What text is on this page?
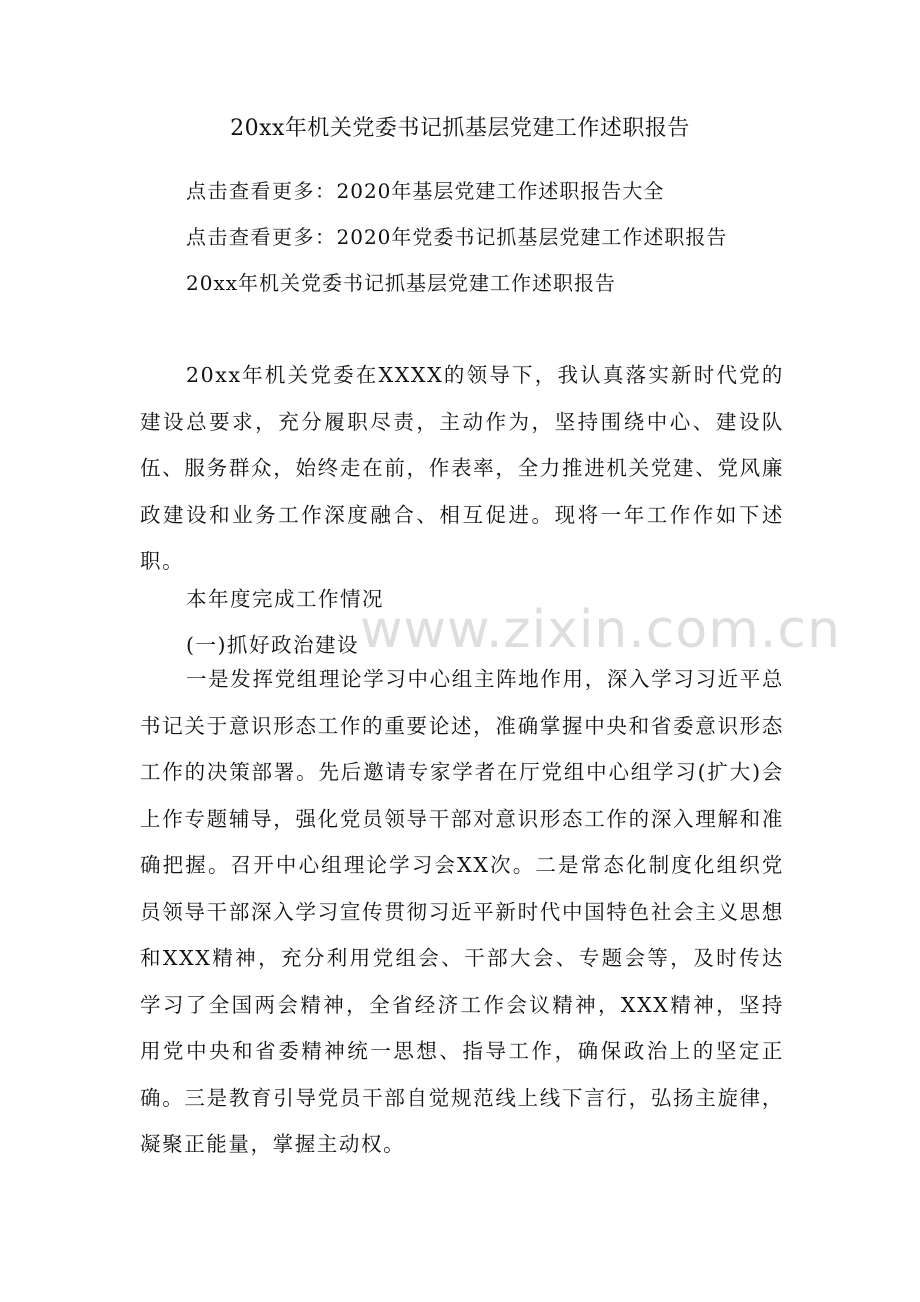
20xx年机关党委书记抓基层党建工作述职报告
点击查看更多：2020年基层党建工作述职报告大全
点击查看更多：2020年党委书记抓基层党建工作述职报告
20xx年机关党委书记抓基层党建工作述职报告

20xx年机关党委在XXXX的领导下，我认真落实新时代党的建设总要求，充分履职尽责，主动作为，坚持围绕中心、建设队伍、服务群众，始终走在前，作表率，全力推进机关党建、党风廉政建设和业务工作深度融合、相互促进。现将一年工作作如下述职。

本年度完成工作情况
(一)抓好政治建设

一是发挥党组理论学习中心组主阵地作用，深入学习习近平总书记关于意识形态工作的重要论述，准确掌握中央和省委意识形态工作的决策部署。先后邀请专家学者在厅党组中心组学习(扩大)会上作专题辅导，强化党员领导干部对意识形态工作的深入理解和准确把握。召开中心组理论学习会XX次。二是常态化制度化组织党员领导干部深入学习宣传贯彻习近平新时代中国特色社会主义思想和XXX精神，充分利用党组会、干部大会、专题会等，及时传达学习了全国两会精神，全省经济工作会议精神，XXX精神，坚持用党中央和省委精神统一思想、指导工作，确保政治上的坚定正确。三是教育引导党员干部自觉规范线上线下言行，弘扬主旋律，凝聚正能量，掌握主动权。

www.zixin.com.cn
